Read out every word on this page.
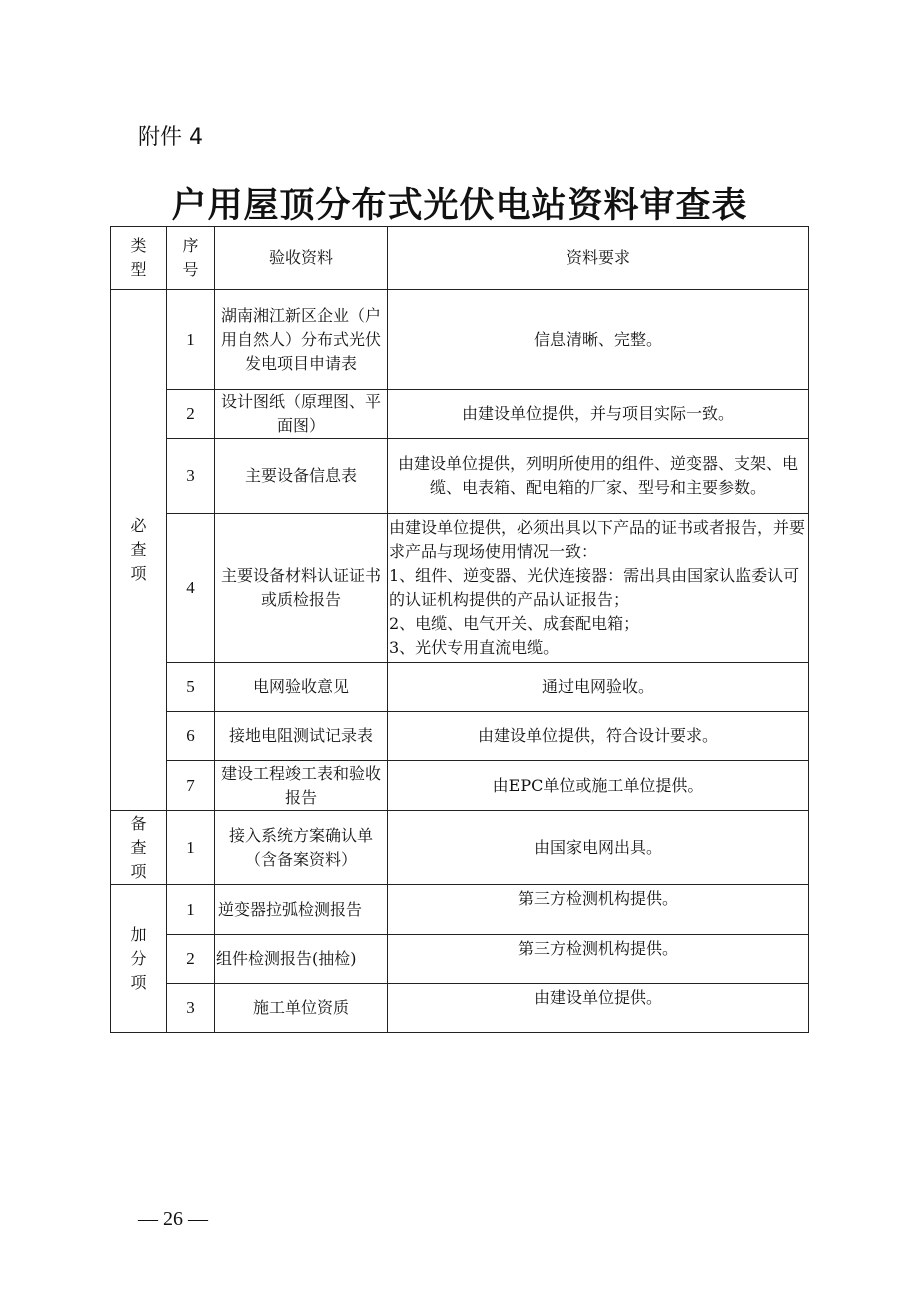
附件 4
户用屋顶分布式光伏电站资料审查表
类型	序号	验收资料	资料要求

必查项	1	湖南湘江新区企业（户用自然人）分布式光伏发电项目申请表	信息清晰、完整。
	2	设计图纸（原理图、平面图）	由建设单位提供，并与项目实际一致。
	3	主要设备信息表	由建设单位提供，列明所使用的组件、逆变器、支架、电缆、电表箱、配电箱的厂家、型号和主要参数。
	4	主要设备材料认证证书或质检报告	由建设单位提供，必须出具以下产品的证书或者报告，并要求产品与现场使用情况一致：
1、组件、逆变器、光伏连接器：需出具由国家认监委认可的认证机构提供的产品认证报告；
2、电缆、电气开关、成套配电箱；
3、光伏专用直流电缆。
	5	电网验收意见	通过电网验收。
	6	接地电阻测试记录表	由建设单位提供，符合设计要求。
	7	建设工程竣工表和验收报告	由EPC单位或施工单位提供。

备查项	1	接入系统方案确认单（含备案资料）	由国家电网出具。

加分项	1	逆变器拉弧检测报告	第三方检测机构提供。
	2	组件检测报告(抽检)	第三方检测机构提供。
	3	施工单位资质	由建设单位提供。
— 26 —
